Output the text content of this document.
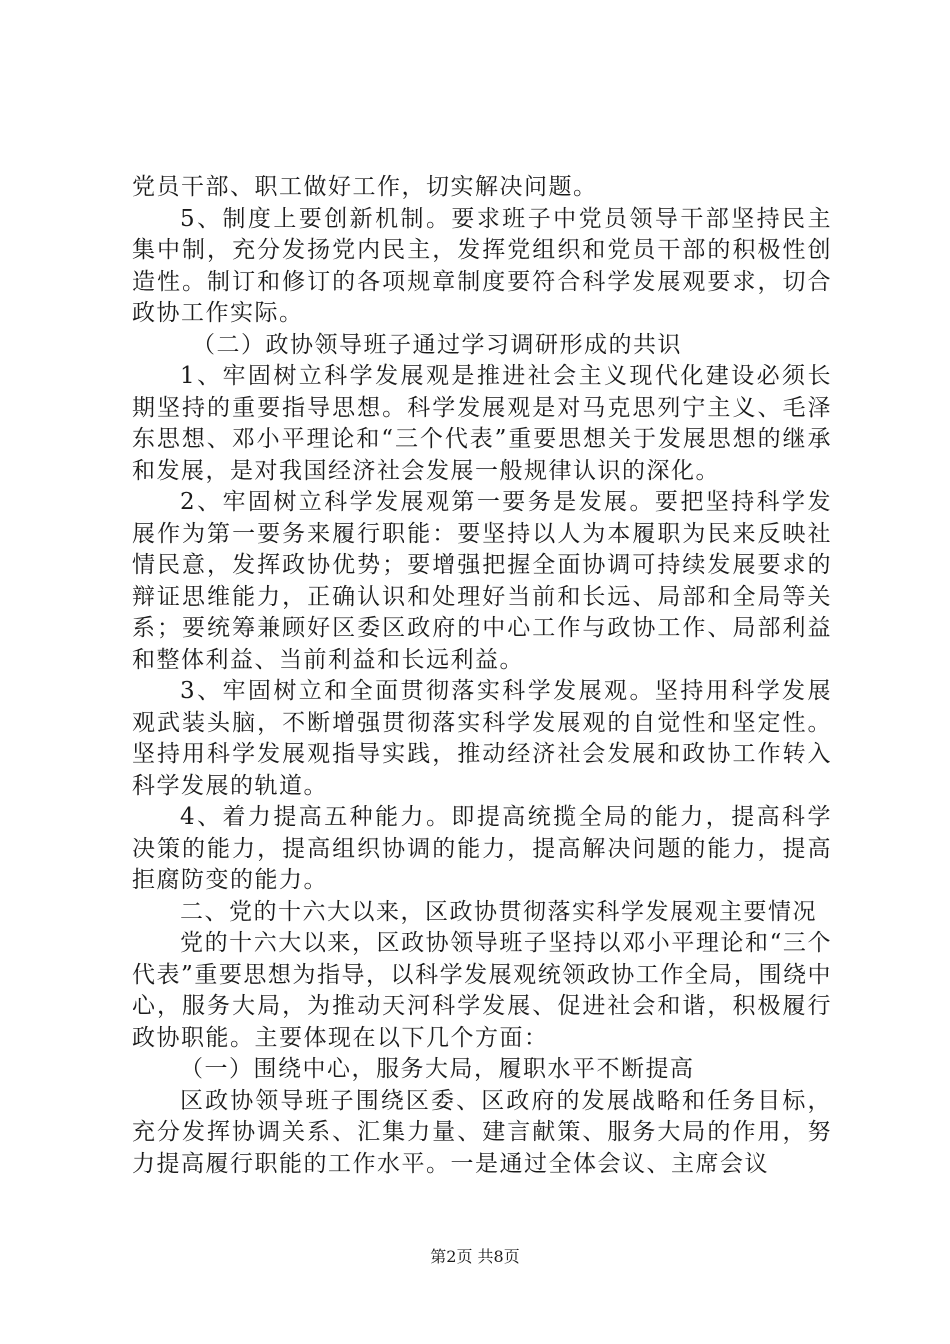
党员干部、职工做好工作，切实解决问题。

5、制度上要创新机制。要求班子中党员领导干部坚持民主集中制，充分发扬党内民主，发挥党组织和党员干部的积极性创造性。制订和修订的各项规章制度要符合科学发展观要求，切合政协工作实际。

（二）政协领导班子通过学习调研形成的共识

1、牢固树立科学发展观是推进社会主义现代化建设必须长期坚持的重要指导思想。科学发展观是对马克思列宁主义、毛泽东思想、邓小平理论和“三个代表”重要思想关于发展思想的继承和发展，是对我国经济社会发展一般规律认识的深化。

2、牢固树立科学发展观第一要务是发展。要把坚持科学发展作为第一要务来履行职能：要坚持以人为本履职为民来反映社情民意，发挥政协优势；要增强把握全面协调可持续发展要求的辩证思维能力，正确认识和处理好当前和长远、局部和全局等关系；要统筹兼顾好区委区政府的中心工作与政协工作、局部利益和整体利益、当前利益和长远利益。

3、牢固树立和全面贯彻落实科学发展观。坚持用科学发展观武装头脑，不断增强贯彻落实科学发展观的自觉性和坚定性。坚持用科学发展观指导实践，推动经济社会发展和政协工作转入科学发展的轨道。

4、着力提高五种能力。即提高统揽全局的能力，提高科学决策的能力，提高组织协调的能力，提高解决问题的能力，提高拒腐防变的能力。

二、党的十六大以来，区政协贯彻落实科学发展观主要情况

党的十六大以来，区政协领导班子坚持以邓小平理论和“三个代表”重要思想为指导，以科学发展观统领政协工作全局，围绕中心，服务大局，为推动天河科学发展、促进社会和谐，积极履行政协职能。主要体现在以下几个方面：

（一）围绕中心，服务大局，履职水平不断提高

区政协领导班子围绕区委、区政府的发展战略和任务目标，充分发挥协调关系、汇集力量、建言献策、服务大局的作用，努力提高履行职能的工作水平。一是通过全体会议、主席会议

第2页 共8页
